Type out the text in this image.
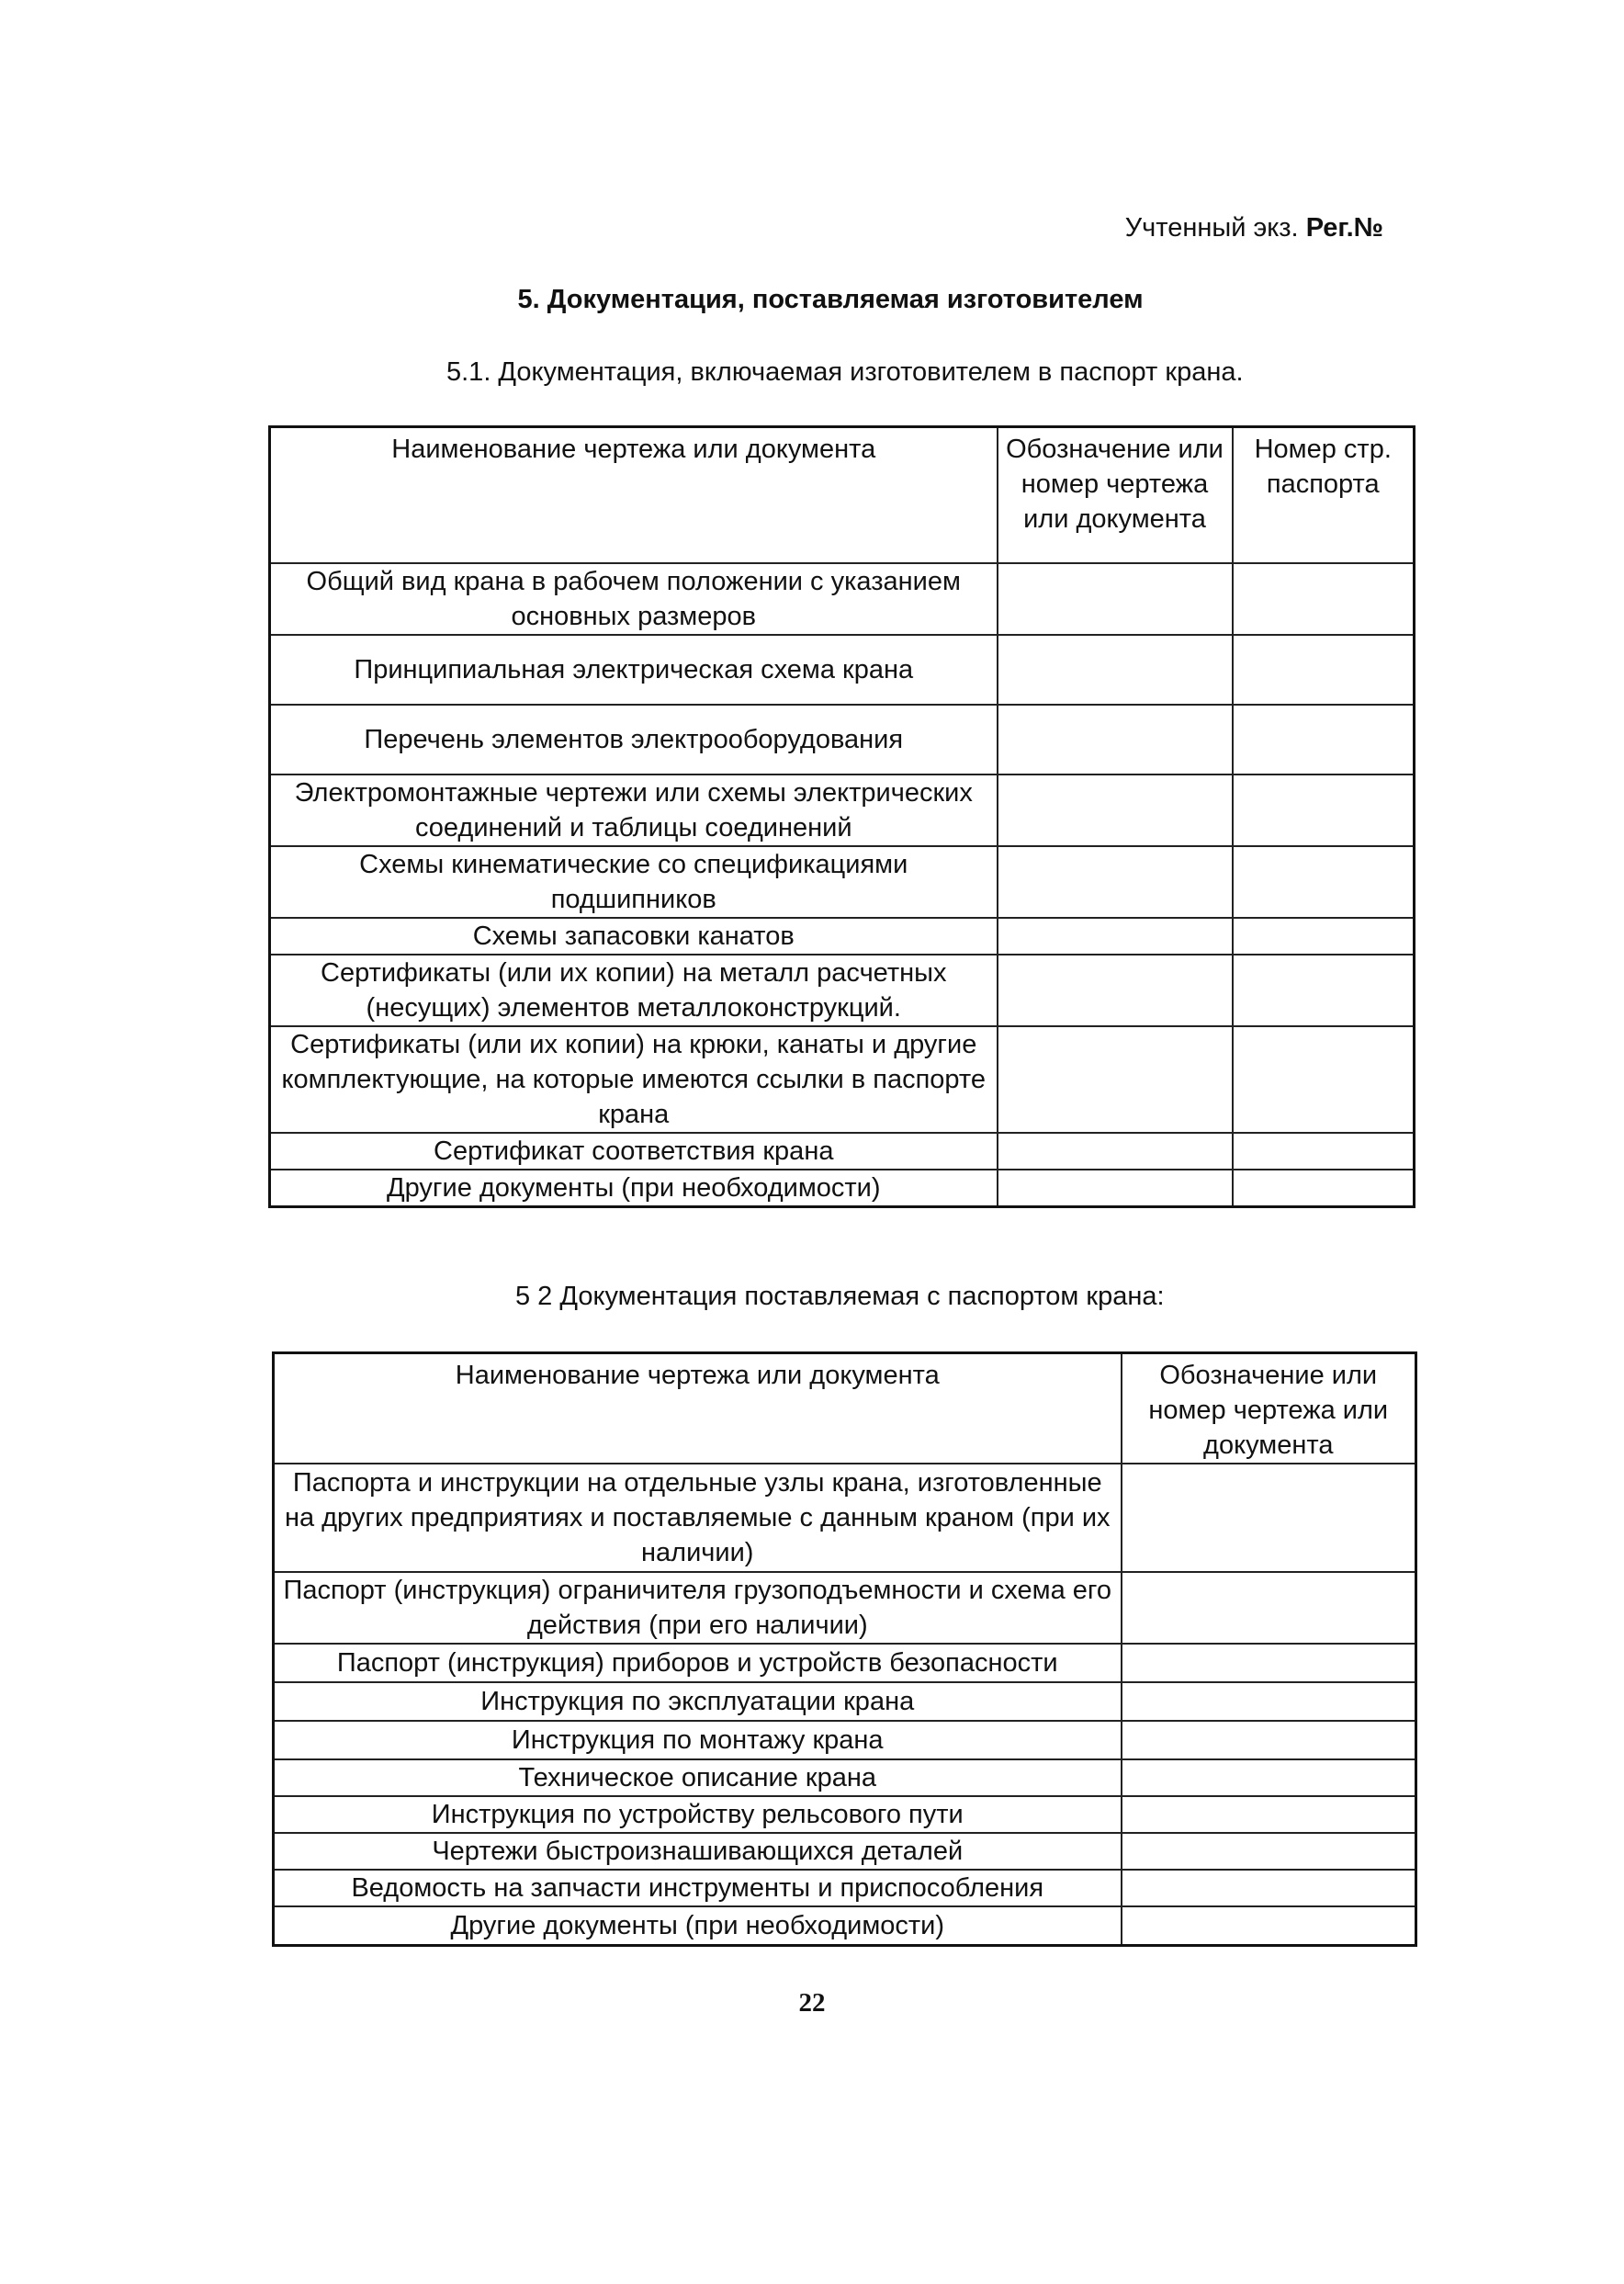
Учтенный экз. Рег.№
5. Документация, поставляемая изготовителем
5.1. Документация, включаемая изготовителем в паспорт крана.
Наименование чертежа или документа	Обозначение или номер чертежа или документа	Номер стр. паспорта
Общий вид крана в рабочем положении с указанием основных размеров		
Принципиальная электрическая схема крана		
Перечень элементов электрооборудования		
Электромонтажные чертежи или схемы электрических соединений и таблицы соединений		
Схемы кинематические со спецификациями подшипников		
Схемы запасовки канатов		
Сертификаты (или их копии) на металл расчетных (несущих) элементов металлоконструкций.		
Сертификаты (или их копии) на крюки, канаты и другие комплектующие, на которые имеются ссылки в паспорте крана		
Сертификат соответствия крана		
Другие документы (при необходимости)		
5 2 Документация поставляемая с паспортом крана:
Наименование чертежа или документа	Обозначение или номер чертежа или документа
Паспорта и инструкции на отдельные узлы крана, изготовленные на других предприятиях и поставляемые с данным краном (при их наличии)	
Паспорт (инструкция) ограничителя грузоподъемности и схема его действия (при его наличии)	
Паспорт (инструкция) приборов и устройств безопасности	
Инструкция по эксплуатации крана	
Инструкция по монтажу крана	
Техническое описание крана	
Инструкция по устройству рельсового пути	
Чертежи быстроизнашивающихся деталей	
Ведомость на запчасти инструменты и приспособления	
Другие документы (при необходимости)	
22
